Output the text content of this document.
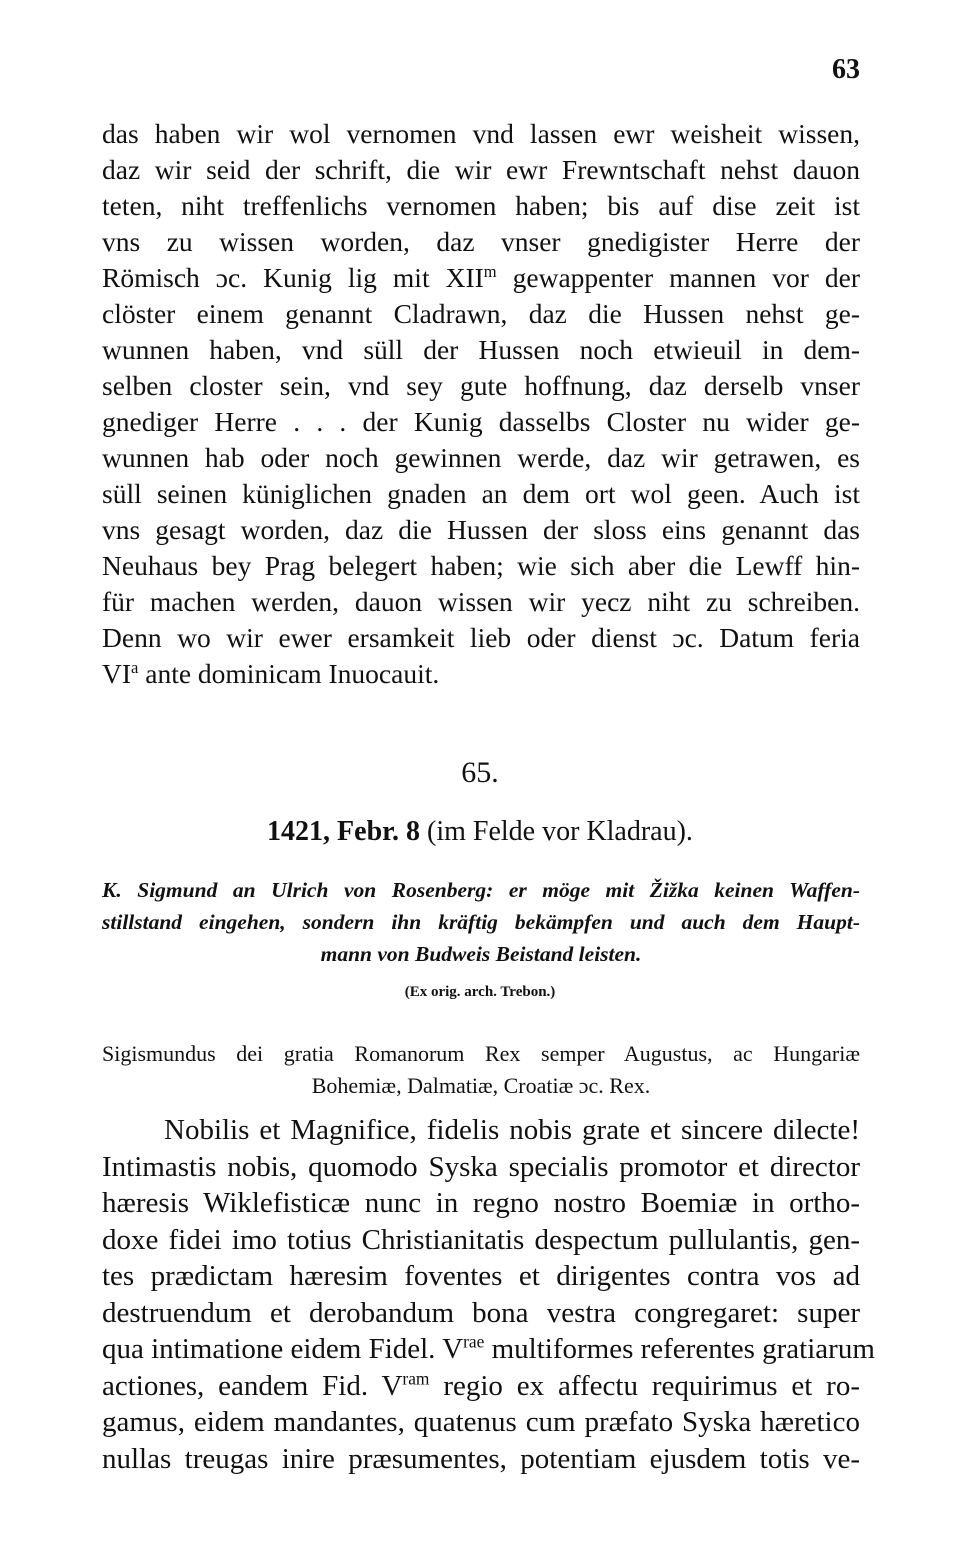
63
das haben wir wol vernomen vnd lassen ewr weisheit wissen,
daz wir seid der schrift, die wir ewr Frewntschaft nehst dauon
teten, niht treffenlichs vernomen haben; bis auf dise zeit ist
vns zu wissen worden, daz vnser gnedigister Herre der
Römisch ɔc. Kunig lig mit XII$^m$ gewappenter mannen vor der
clöster einem genannt Cladrawn, daz die Hussen nehst ge-
wunnen haben, vnd süll der Hussen noch etwieuil in dem-
selben closter sein, vnd sey gute hoffnung, daz derselb vnser
gnediger Herre . . . der Kunig dasselbs Closter nu wider ge-
wunnen hab oder noch gewinnen werde, daz wir getrawen, es
süll seinen küniglichen gnaden an dem ort wol geen. Auch ist
vns gesagt worden, daz die Hussen der sloss eins genannt das
Neuhaus bey Prag belegert haben; wie sich aber die Lewff hin-
für machen werden, dauon wissen wir yecz niht zu schreiben.
Denn wo wir ewer ersamkeit lieb oder dienst ɔc. Datum feria
$VI^a$ ante dominicam Inuocauit.
65.
1421, Febr. 8 (im Felde vor Kladrau).
K. Sigmund an Ulrich von Rosenberg: er möge mit Žižka keinen Waffen-
stillstand eingehen, sondern ihn kräftig bekämpfen und auch dem Haupt-
mann von Budweis Beistand leisten.
(Ex orig. arch. Trebon.)
Sigismundus dei gratia Romanorum Rex semper Augustus, ac Hungariæ
Bohemiæ, Dalmatiæ, Croatiæ ɔc. Rex.
Nobilis et Magnifice, fidelis nobis grate et sincere dilecte!
Intimastis nobis, quomodo Syska specialis promotor et director
hæresis Wiklefisticæ nunc in regno nostro Boemiæ in ortho-
doxe fidei imo totius Christianitatis despectum pullulantis, gen-
tes prædictam hæresim foventes et dirigentes contra vos ad
destruendum et derobandum bona vestra congregaret: super
qua intimatione eidem Fidel. $V^{rae}$ multiformes referentes gratiarum
actiones, eandem Fid. $V^{ram}$ regio ex affectu requirimus et ro-
gamus, eidem mandantes, quatenus cum præfato Syska hæretico
nullas treugas inire præsumentes, potentiam ejusdem totis ve-
